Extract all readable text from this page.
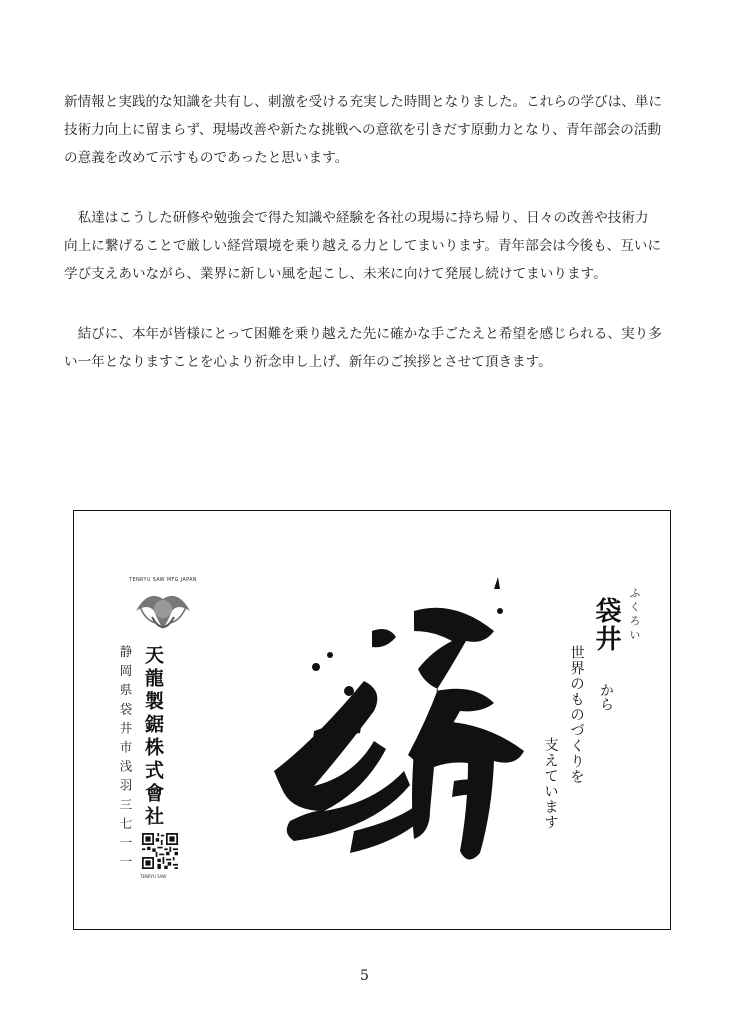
新情報と実践的な知識を共有し、刺激を受ける充実した時間となりました。これらの学びは、単に
技術力向上に留まらず、現場改善や新たな挑戦への意欲を引きだす原動力となり、青年部会の活動
の意義を改めて示すものであったと思います。
　私達はこうした研修や勉強会で得た知識や経験を各社の現場に持ち帰り、日々の改善や技術力
向上に繋げることで厳しい経営環境を乗り越える力としてまいります。青年部会は今後も、互いに
学び支えあいながら、業界に新しい風を起こし、未来に向けて発展し続けてまいります。
　結びに、本年が皆様にとって困難を乗り越えた先に確かな手ごたえと希望を感じられる、実り多
い一年となりますことを心より祈念申し上げ、新年のご挨拶とさせて頂きます。
TENRYU SAW MFG JAPAN
天龍製鋸株式會社
静岡県袋井市浅羽三七一一
TENRYU SAW
ふくろい
袋井
から
世界のものづくりを
支えています
5
